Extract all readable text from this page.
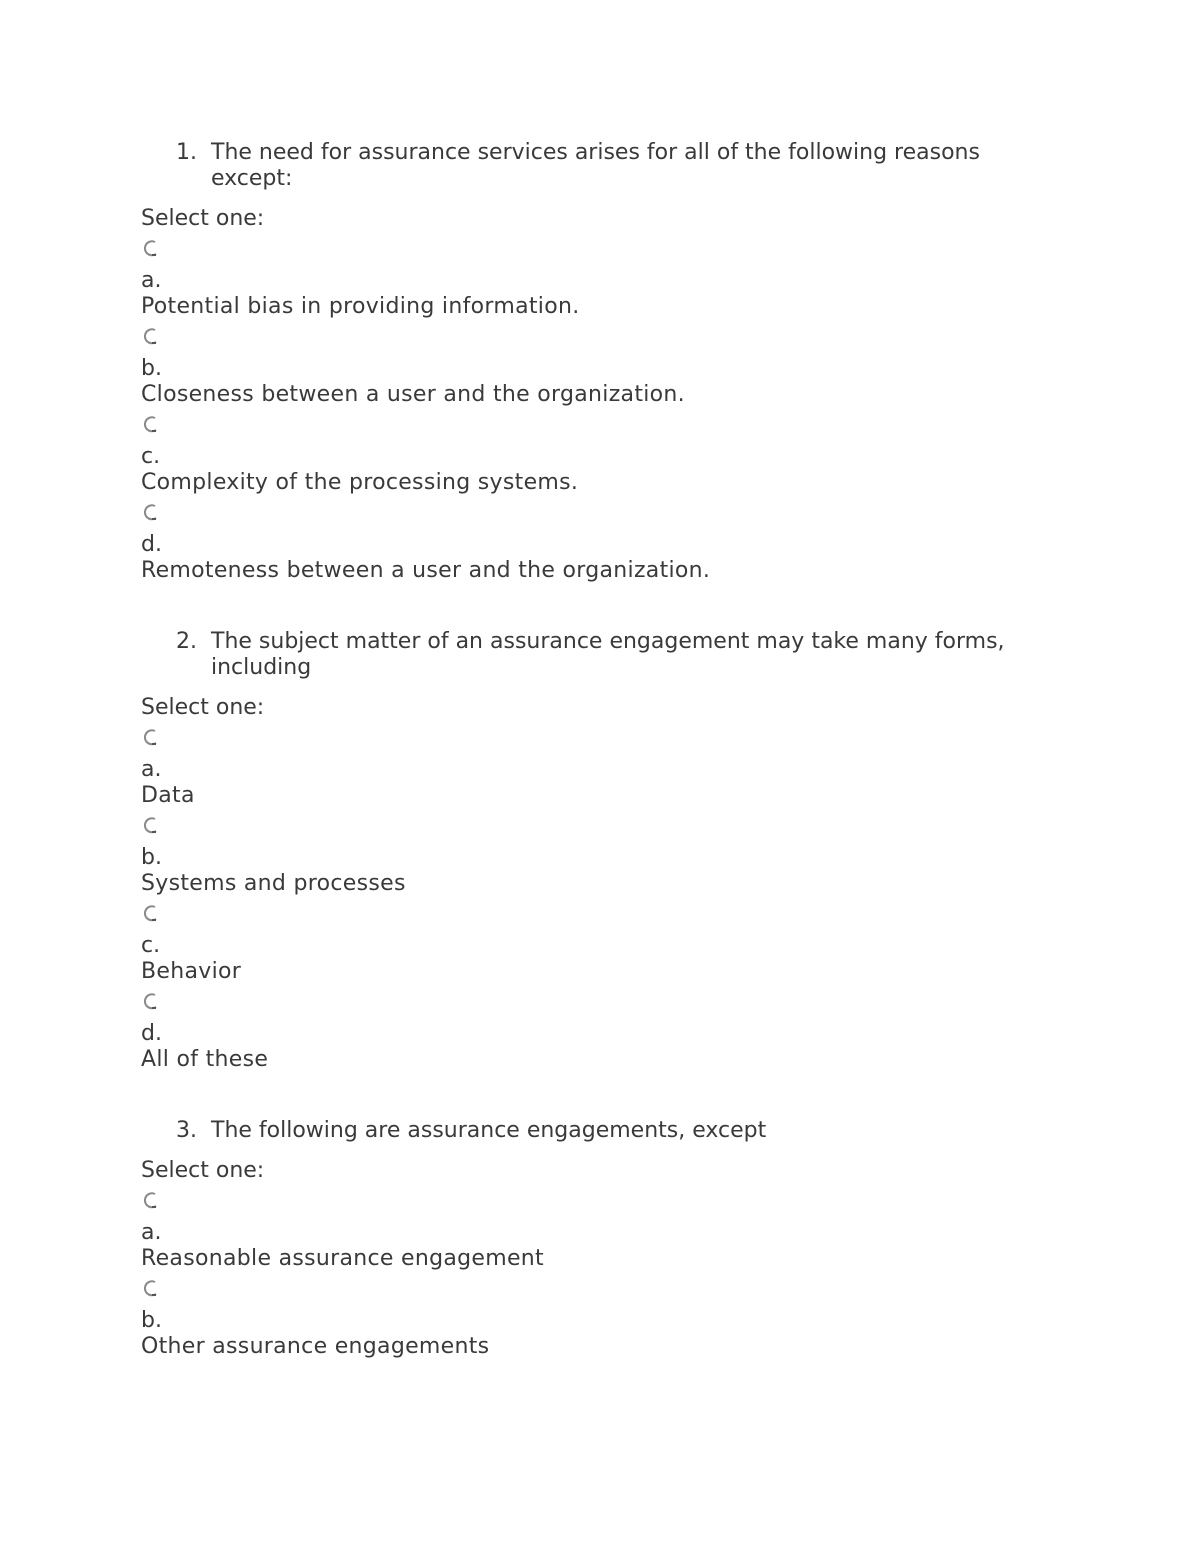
1. The need for assurance services arises for all of the following reasons except:
Select one:
a.
Potential bias in providing information.
b.
Closeness between a user and the organization.
c.
Complexity of the processing systems.
d.
Remoteness between a user and the organization.
2. The subject matter of an assurance engagement may take many forms, including
Select one:
a.
Data
b.
Systems and processes
c.
Behavior
d.
All of these
3. The following are assurance engagements, except
Select one:
a.
Reasonable assurance engagement
b.
Other assurance engagements
